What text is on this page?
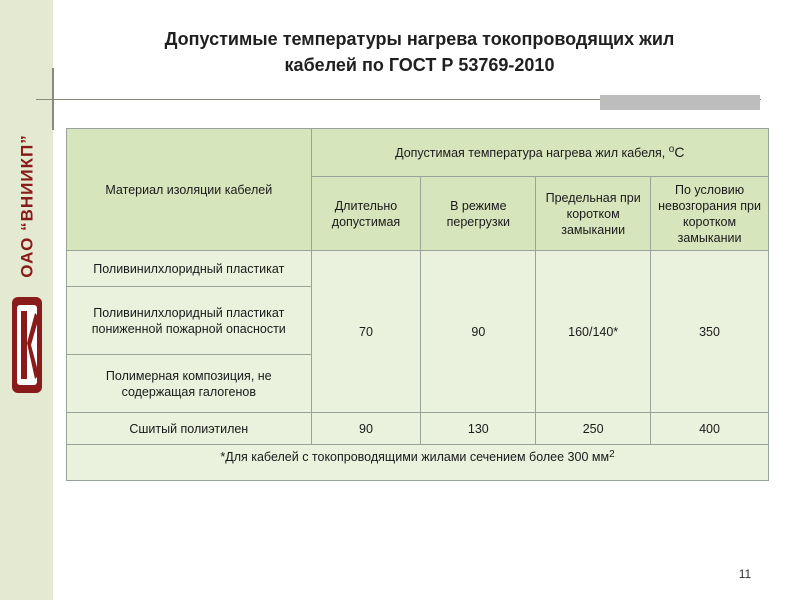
ОАО “ВНИИКП”
Допустимые температуры нагрева токопроводящих жил
кабелей по ГОСТ Р 53769-2010
Материал изоляции кабелей	Допустимая температура нагрева жил кабеля, $^o$С			
	Длительно допустимая	В режиме перегрузки	Предельная при коротком замыкании	По условию невозгорания при коротком замыкании
Поливинилхлоридный пластикат	70	90	160/140*	350
Поливинилхлоридный пластикат пониженной пожарной опасности				
Полимерная композиция, не содержащая галогенов				
Сшитый полиэтилен	90	130	250	400
*Для кабелей с токопроводящими жилами сечением более 300 $мм^2$
11
